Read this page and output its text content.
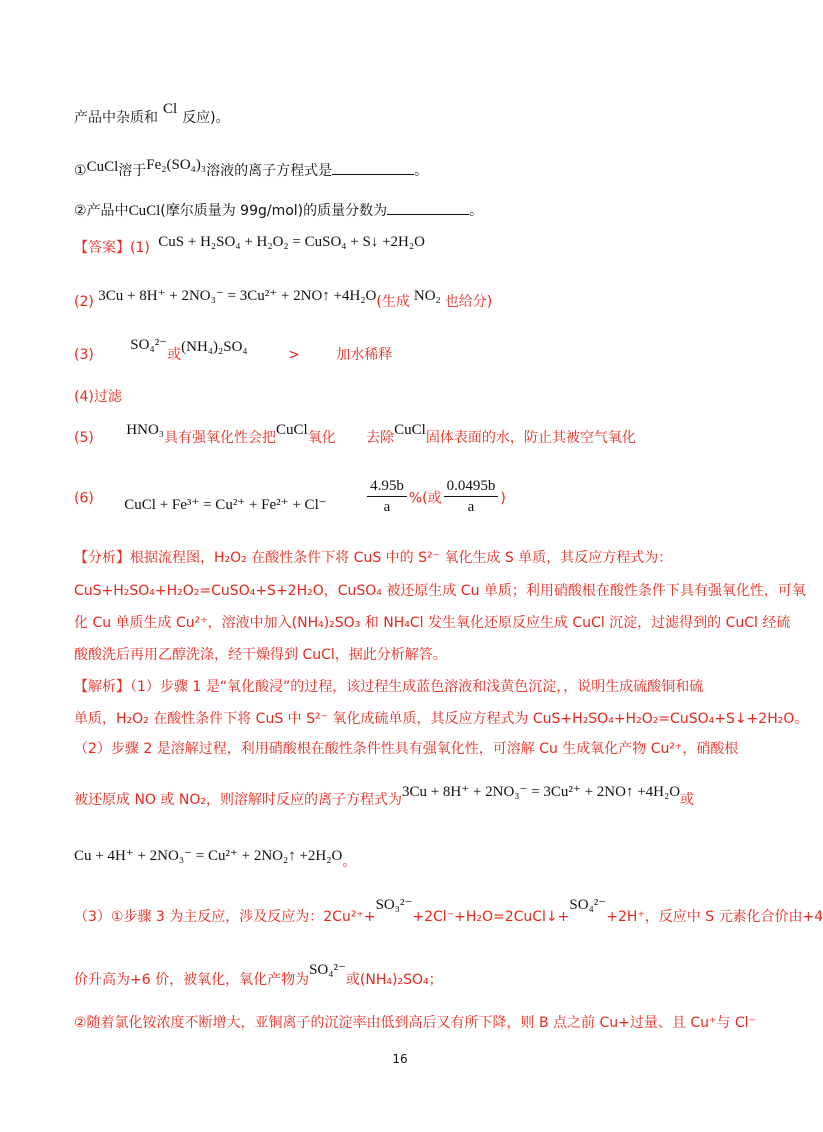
产品中杂质和Cl反应)。
①CuCl溶于Fe₂(SO₄)₃溶液的离子方程式是	。
②产品中CuCl(摩尔质量为 99g/mol)的质量分数为	。
【答案】(1) CuS + H₂SO₄ + H₂O₂ = CuSO₄ + S↓ +2H₂O
(2) 3Cu + 8H⁺ + 2NO₃⁻ = 3Cu²⁺ + 2NO↑ +4H₂O(生成 NO₂ 也给分)
(3) SO₄²⁻或(NH₄)₂SO₄	>	加水稀释
(4)过滤
(5) HNO₃具有强氧化性会把CuCl氧化 去除CuCl固体表面的水，防止其被空气氧化
(6) CuCl + Fe³⁺ = Cu²⁺ + Fe²⁺ + Cl⁻	$\frac{4.95b}{a}$ %(或 $\frac{0.0495b}{a}$ )
【分析】根据流程图，H₂O₂ 在酸性条件下将 CuS 中的 S²⁻ 氧化生成 S 单质，其反应方程式为：
CuS+H₂SO₄+H₂O₂=CuSO₄+S+2H₂O，CuSO₄ 被还原生成 Cu 单质；利用硝酸根在酸性条件下具有强氧化性，可氧
化 Cu 单质生成 Cu²⁺，溶液中加入(NH₄)₂SO₃ 和 NH₄Cl 发生氧化还原反应生成 CuCl 沉淀，过滤得到的 CuCl 经硫
酸酸洗后再用乙醇洗涤，经干燥得到 CuCl，据此分析解答。
【解析】（1）步骤 1 是“氧化酸浸”的过程，该过程生成蓝色溶液和浅黄色沉淀，，说明生成硫酸铜和硫
单质，H₂O₂ 在酸性条件下将 CuS 中 S²⁻ 氧化成硫单质，其反应方程式为 CuS+H₂SO₄+H₂O₂=CuSO₄+S↓+2H₂O。
（2）步骤 2 是溶解过程，利用硝酸根在酸性条件性具有强氧化性，可溶解 Cu 生成氧化产物 Cu²⁺，硝酸根
被还原成 NO 或 NO₂，则溶解时反应的离子方程式为3Cu + 8H⁺ + 2NO₃⁻ = 3Cu²⁺ + 2NO↑ +4H₂O或
Cu + 4H⁺ + 2NO₃⁻ = Cu²⁺ + 2NO₂↑ +2H₂O。
（3）①步骤 3 为主反应，涉及反应为：2Cu²⁺+SO₃²⁻+2Cl⁻+H₂O=2CuCl↓+SO₄²⁻+2H⁺，反应中 S 元素化合价由+4
价升高为+6 价，被氧化，氧化产物为SO₄²⁻或(NH₄)₂SO₄；
②随着氯化铵浓度不断增大，亚铜离子的沉淀率由低到高后又有所下降，则 B 点之前 Cu+过量、且 Cu⁺与 Cl⁻
16
